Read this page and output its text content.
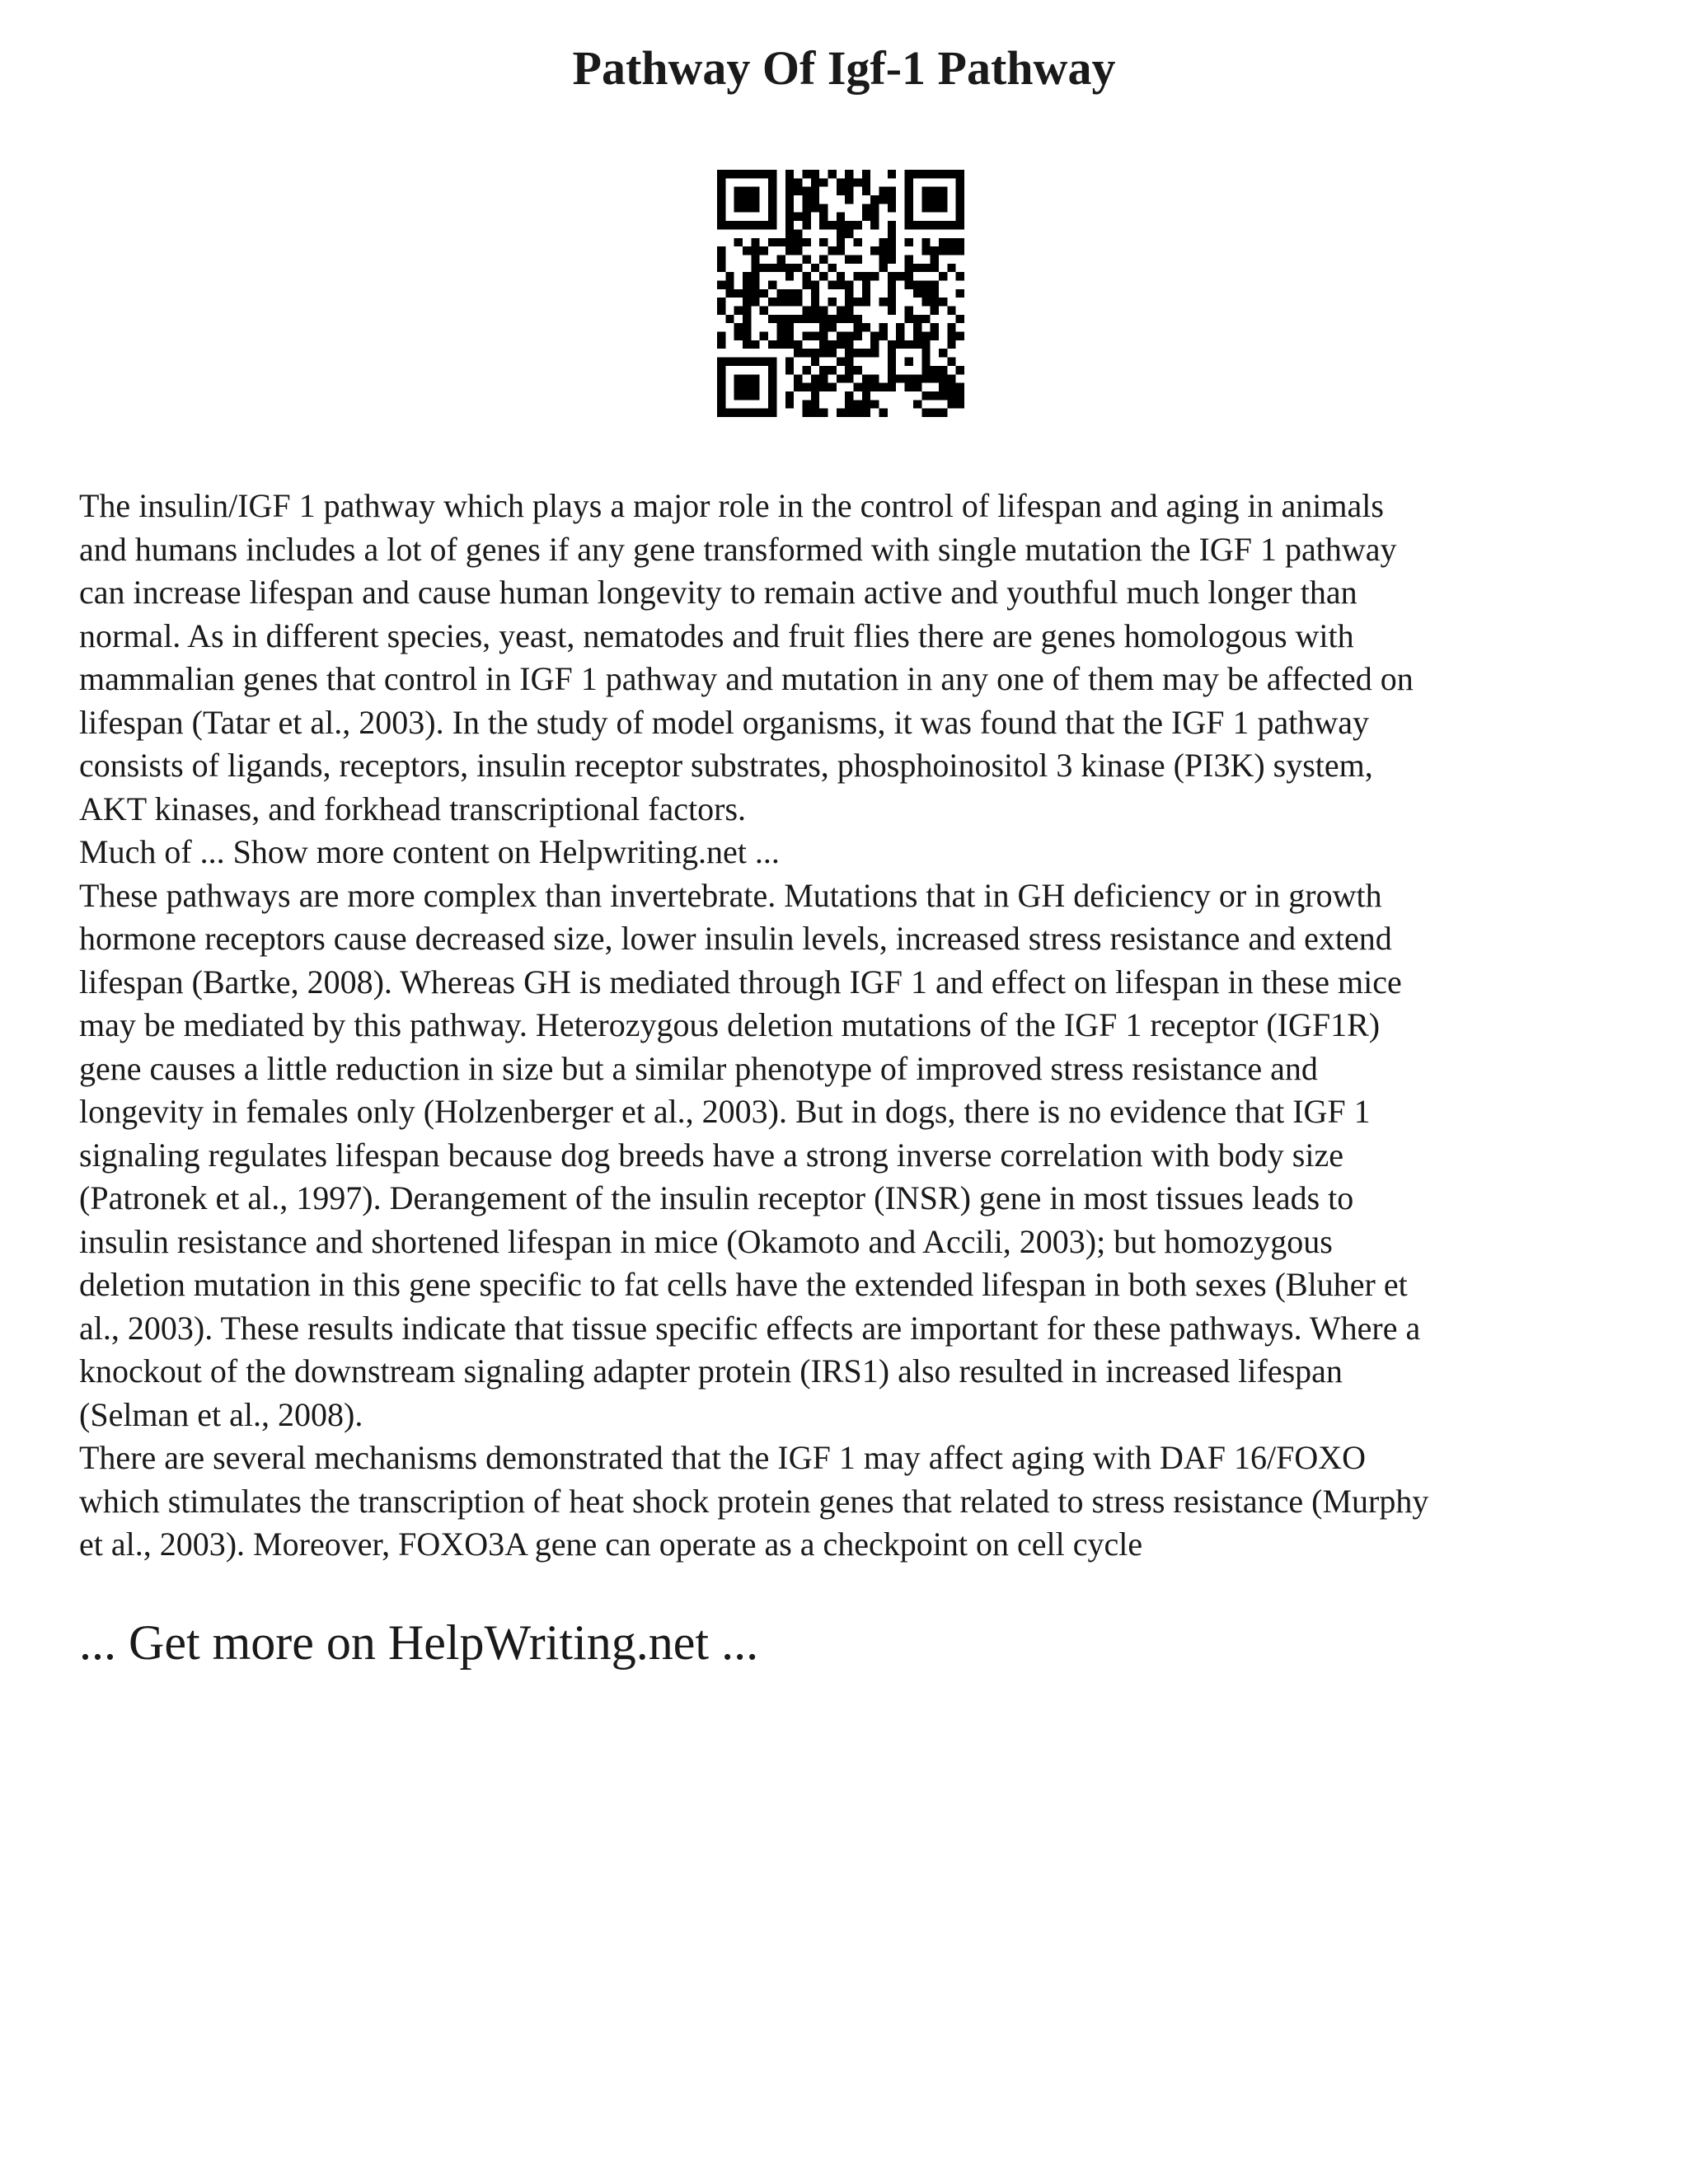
Pathway Of Igf-1 Pathway

The insulin/IGF 1 pathway which plays a major role in the control of lifespan and aging in animals
and humans includes a lot of genes if any gene transformed with single mutation the IGF 1 pathway
can increase lifespan and cause human longevity to remain active and youthful much longer than
normal. As in different species, yeast, nematodes and fruit flies there are genes homologous with
mammalian genes that control in IGF 1 pathway and mutation in any one of them may be affected on
lifespan (Tatar et al., 2003). In the study of model organisms, it was found that the IGF 1 pathway
consists of ligands, receptors, insulin receptor substrates, phosphoinositol 3 kinase (PI3K) system,
AKT kinases, and forkhead transcriptional factors.

Much of ... Show more content on Helpwriting.net ...

These pathways are more complex than invertebrate. Mutations that in GH deficiency or in growth
hormone receptors cause decreased size, lower insulin levels, increased stress resistance and extend
lifespan (Bartke, 2008). Whereas GH is mediated through IGF 1 and effect on lifespan in these mice
may be mediated by this pathway. Heterozygous deletion mutations of the IGF 1 receptor (IGF1R)
gene causes a little reduction in size but a similar phenotype of improved stress resistance and
longevity in females only (Holzenberger et al., 2003). But in dogs, there is no evidence that IGF 1
signaling regulates lifespan because dog breeds have a strong inverse correlation with body size
(Patronek et al., 1997). Derangement of the insulin receptor (INSR) gene in most tissues leads to
insulin resistance and shortened lifespan in mice (Okamoto and Accili, 2003); but homozygous
deletion mutation in this gene specific to fat cells have the extended lifespan in both sexes (Bluher et
al., 2003). These results indicate that tissue specific effects are important for these pathways. Where a
knockout of the downstream signaling adapter protein (IRS1) also resulted in increased lifespan
(Selman et al., 2008).

There are several mechanisms demonstrated that the IGF 1 may affect aging with DAF 16/FOXO
which stimulates the transcription of heat shock protein genes that related to stress resistance (Murphy
et al., 2003). Moreover, FOXO3A gene can operate as a checkpoint on cell cycle

... Get more on HelpWriting.net ...
